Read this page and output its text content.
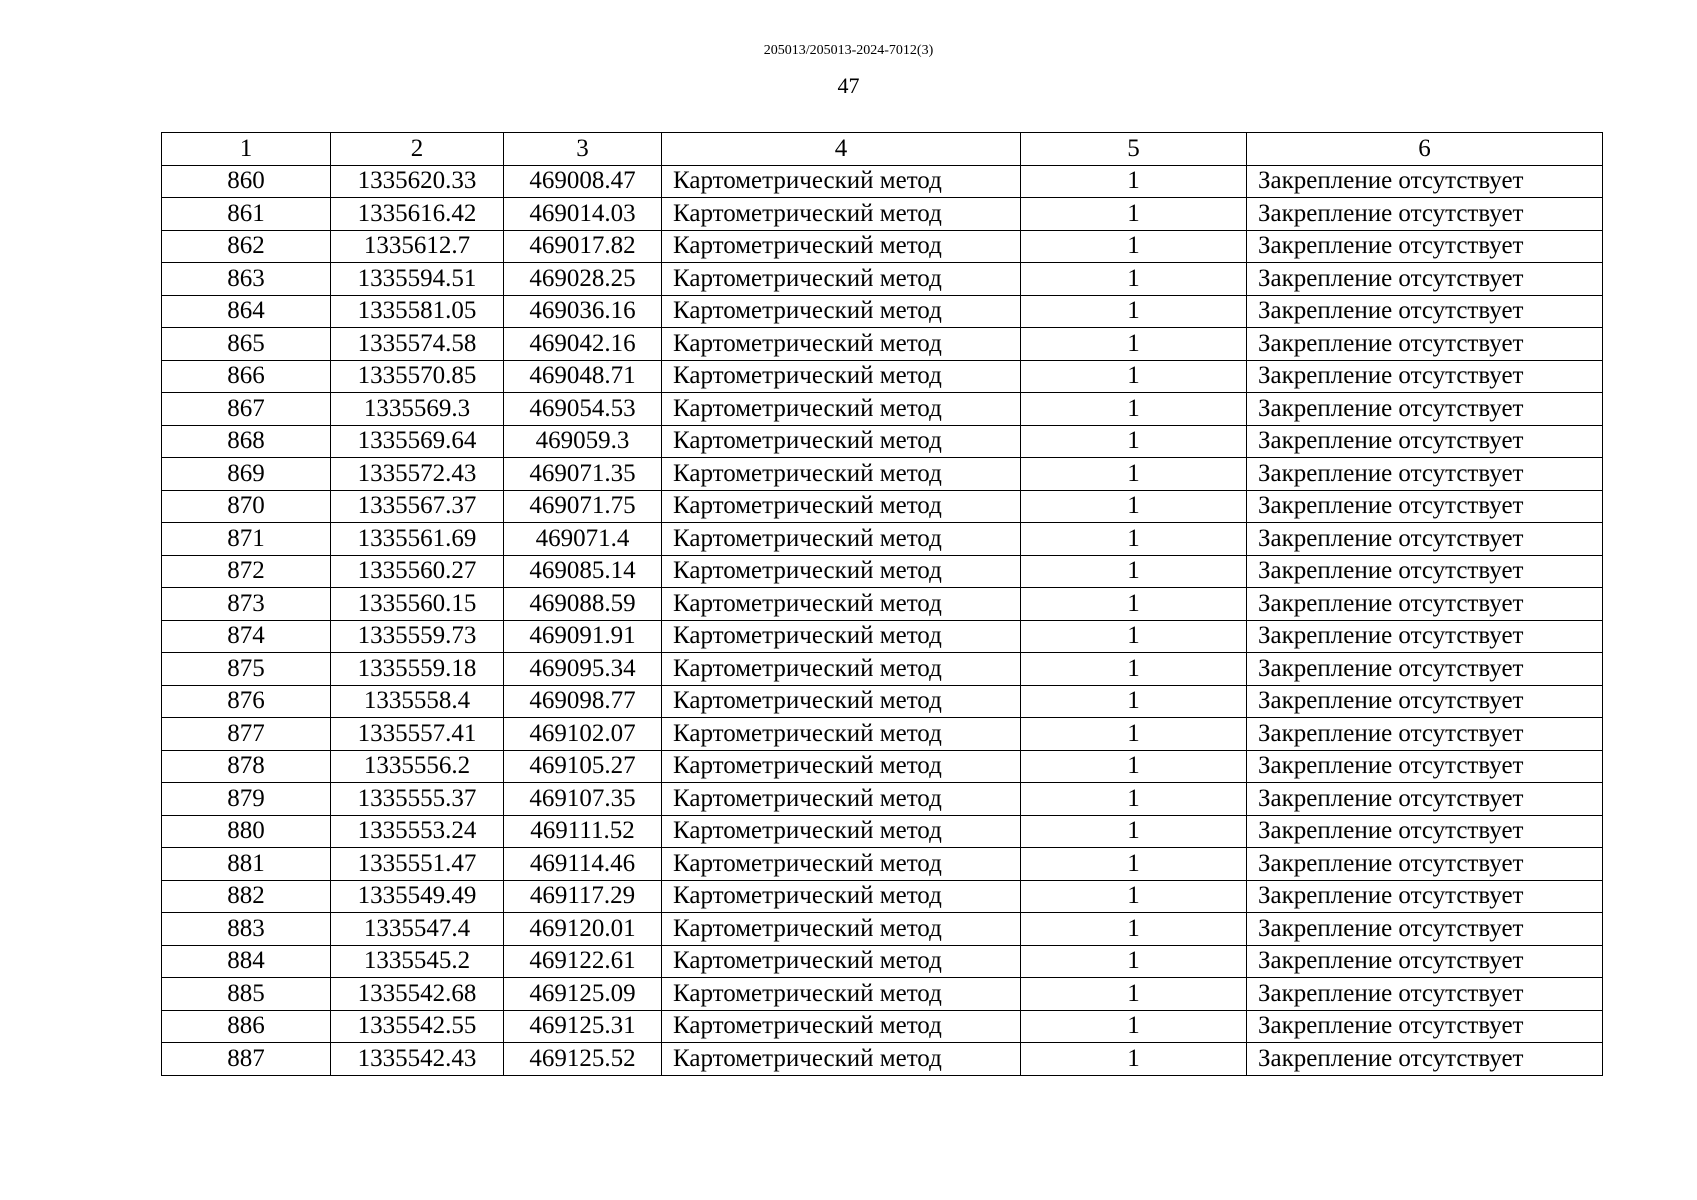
205013/205013-2024-7012(3)
47
1	2	3	4	5	6
860	1335620.33	469008.47	Картометрический метод	1	Закрепление отсутствует
861	1335616.42	469014.03	Картометрический метод	1	Закрепление отсутствует
862	1335612.7	469017.82	Картометрический метод	1	Закрепление отсутствует
863	1335594.51	469028.25	Картометрический метод	1	Закрепление отсутствует
864	1335581.05	469036.16	Картометрический метод	1	Закрепление отсутствует
865	1335574.58	469042.16	Картометрический метод	1	Закрепление отсутствует
866	1335570.85	469048.71	Картометрический метод	1	Закрепление отсутствует
867	1335569.3	469054.53	Картометрический метод	1	Закрепление отсутствует
868	1335569.64	469059.3	Картометрический метод	1	Закрепление отсутствует
869	1335572.43	469071.35	Картометрический метод	1	Закрепление отсутствует
870	1335567.37	469071.75	Картометрический метод	1	Закрепление отсутствует
871	1335561.69	469071.4	Картометрический метод	1	Закрепление отсутствует
872	1335560.27	469085.14	Картометрический метод	1	Закрепление отсутствует
873	1335560.15	469088.59	Картометрический метод	1	Закрепление отсутствует
874	1335559.73	469091.91	Картометрический метод	1	Закрепление отсутствует
875	1335559.18	469095.34	Картометрический метод	1	Закрепление отсутствует
876	1335558.4	469098.77	Картометрический метод	1	Закрепление отсутствует
877	1335557.41	469102.07	Картометрический метод	1	Закрепление отсутствует
878	1335556.2	469105.27	Картометрический метод	1	Закрепление отсутствует
879	1335555.37	469107.35	Картометрический метод	1	Закрепление отсутствует
880	1335553.24	469111.52	Картометрический метод	1	Закрепление отсутствует
881	1335551.47	469114.46	Картометрический метод	1	Закрепление отсутствует
882	1335549.49	469117.29	Картометрический метод	1	Закрепление отсутствует
883	1335547.4	469120.01	Картометрический метод	1	Закрепление отсутствует
884	1335545.2	469122.61	Картометрический метод	1	Закрепление отсутствует
885	1335542.68	469125.09	Картометрический метод	1	Закрепление отсутствует
886	1335542.55	469125.31	Картометрический метод	1	Закрепление отсутствует
887	1335542.43	469125.52	Картометрический метод	1	Закрепление отсутствует
